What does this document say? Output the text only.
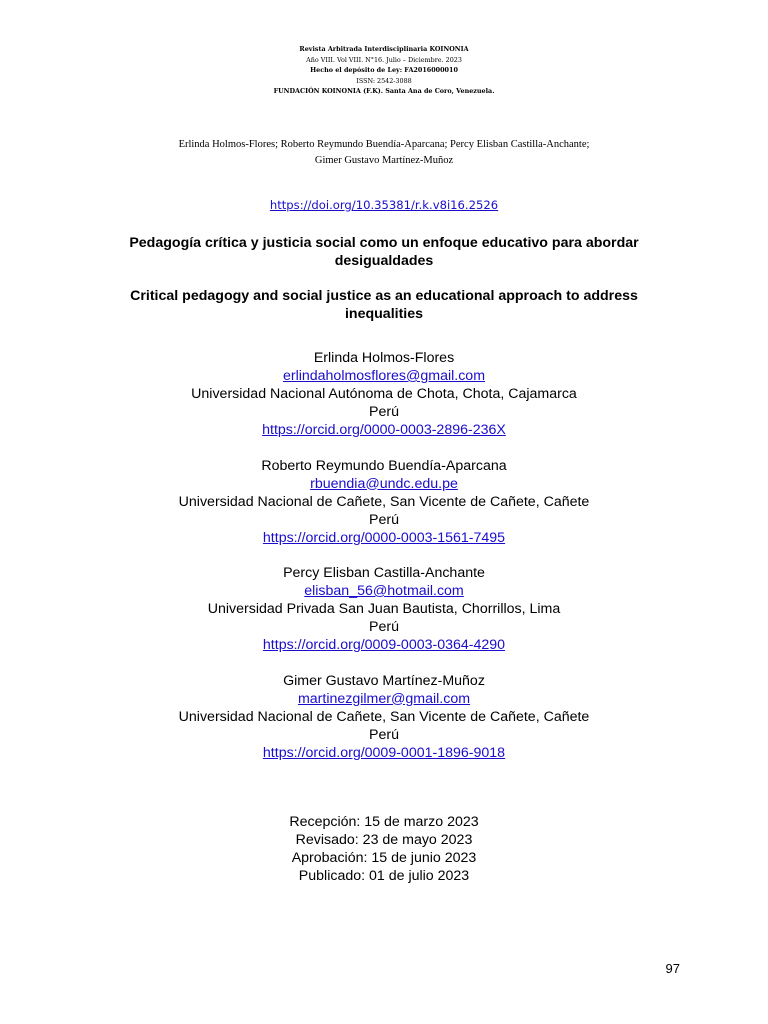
Revista Arbitrada Interdisciplinaria KOINONIA
Año VIII. Vol VIII. N°16. Julio – Diciembre. 2023
Hecho el depósito de Ley: FA2016000010
ISSN: 2542-3088
FUNDACIÓN KOINONIA (F.K). Santa Ana de Coro, Venezuela.
Erlinda Holmos-Flores; Roberto Reymundo Buendía-Aparcana; Percy Elisban Castilla-Anchante;
Gimer Gustavo Martínez-Muñoz
https://doi.org/10.35381/r.k.v8i16.2526
Pedagogía crítica y justicia social como un enfoque educativo para abordar desigualdades
Critical pedagogy and social justice as an educational approach to address inequalities
Erlinda Holmos-Flores
erlindaholmosflores@gmail.com
Universidad Nacional Autónoma de Chota, Chota, Cajamarca
Perú
https://orcid.org/0000-0003-2896-236X
Roberto Reymundo Buendía-Aparcana
rbuendia@undc.edu.pe
Universidad Nacional de Cañete, San Vicente de Cañete, Cañete
Perú
https://orcid.org/0000-0003-1561-7495
Percy Elisban Castilla-Anchante
elisban_56@hotmail.com
Universidad Privada San Juan Bautista, Chorrillos, Lima
Perú
https://orcid.org/0009-0003-0364-4290
Gimer Gustavo Martínez-Muñoz
martinezgilmer@gmail.com
Universidad Nacional de Cañete, San Vicente de Cañete, Cañete
Perú
https://orcid.org/0009-0001-1896-9018
Recepción: 15 de marzo 2023
Revisado: 23 de mayo 2023
Aprobación: 15 de junio 2023
Publicado: 01 de julio 2023
97
